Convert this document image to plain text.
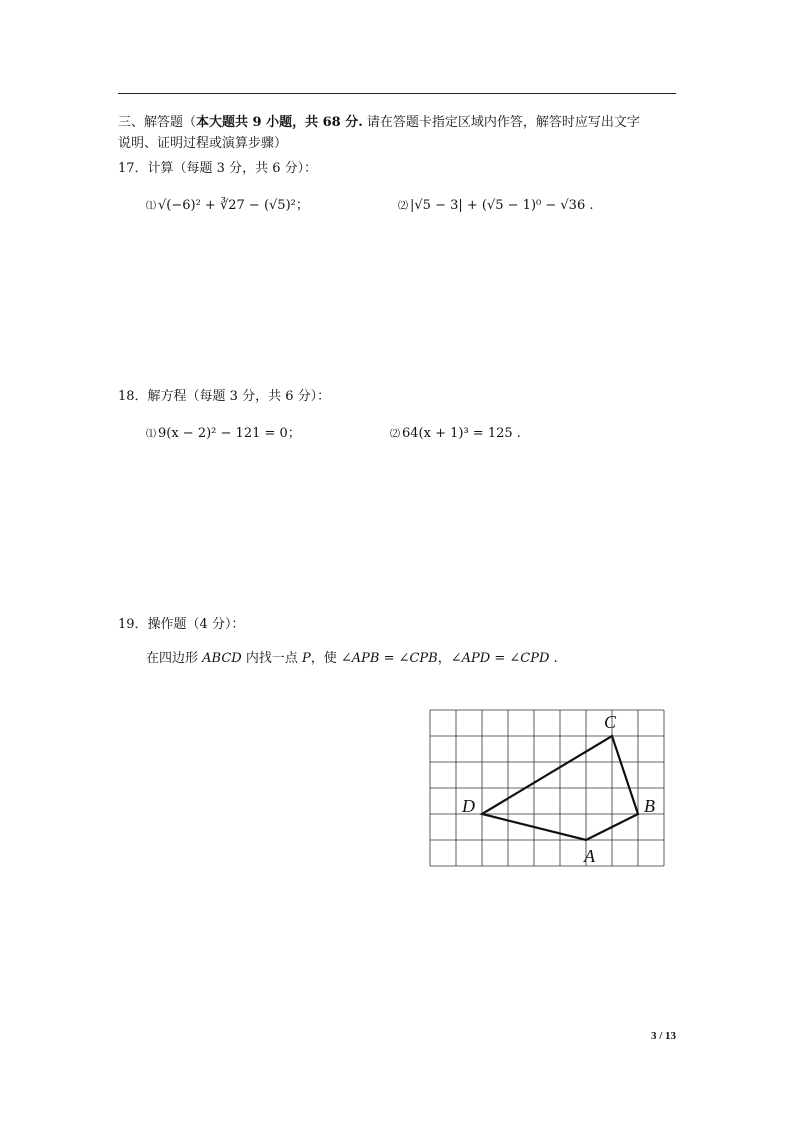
三、解答题（本大题共 9 小题，共 68 分. 请在答题卡指定区域内作答，解答时应写出文字
说明、证明过程或演算步骤）
17．计算（每题 3 分，共 6 分）：
⑴ √(−6)² + ∛27 − (√5)²；	⑵ |√5 − 3| + (√5 − 1)⁰ − √36 .
18．解方程（每题 3 分，共 6 分）：
⑴ 9(x − 2)² − 121 = 0；	⑵ 64(x + 1)³ = 125 .
19．操作题（4 分）：
在四边形 ABCD 内找一点 P，使 ∠APB = ∠CPB，∠APD = ∠CPD .
A
B
C
D
3 / 13
